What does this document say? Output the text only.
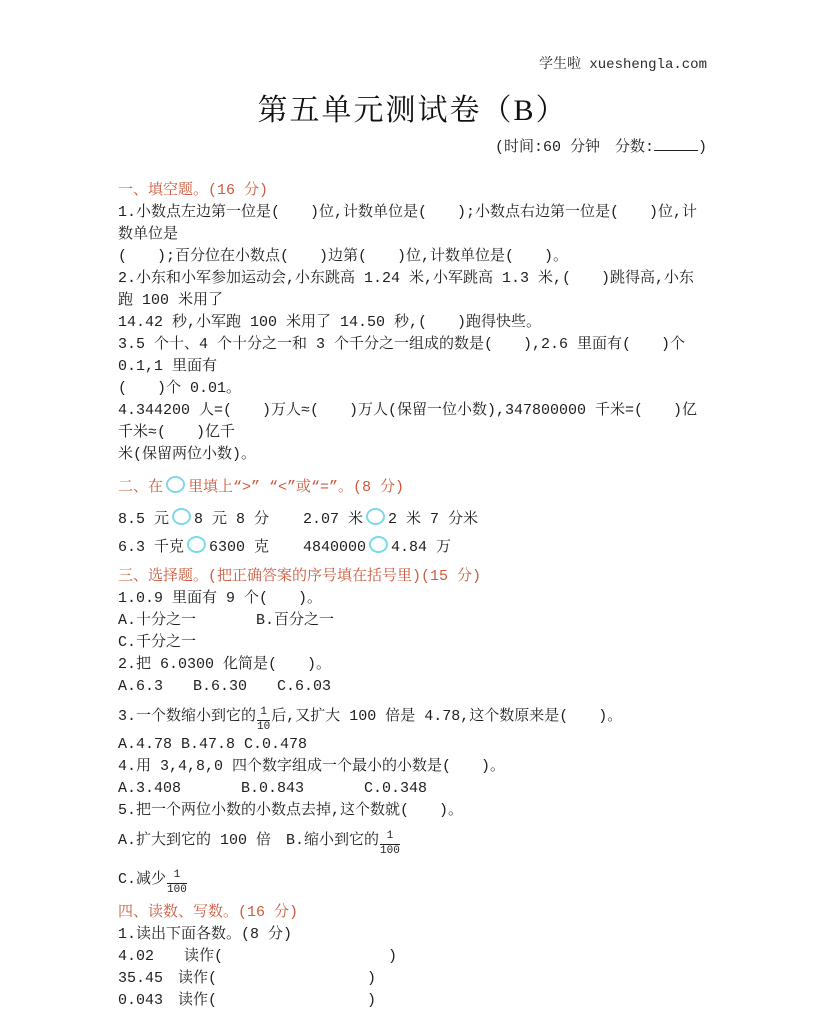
学生啦 xueshengla.com
第五单元测试卷（B）
(时间:60 分钟　分数:	)

一、填空题。(16 分)

1.小数点左边第一位是(　　)位,计数单位是(　　);小数点右边第一位是(　　)位,计数单位是

(　　);百分位在小数点(　　)边第(　　)位,计数单位是(　　)。

2.小东和小军参加运动会,小东跳高 1.24 米,小军跳高 1.3 米,(　　)跳得高,小东跑 100 米用了

14.42 秒,小军跑 100 米用了 14.50 秒,(　　)跑得快些。

3.5 个十、4 个十分之一和 3 个千分之一组成的数是(　　),2.6 里面有(　　)个 0.1,1 里面有

(　　)个 0.01。

4.344200 人=(　　)万人≈(　　)万人(保留一位小数),347800000 千米=(　　)亿千米≈(　　)亿千

米(保留两位小数)。

二、在 里填上“>” “<”或“=”。(8 分)

8.5 元 8 元 8 分 2.07 米 2 米 7 分米

6.3 千克 6300 克 4840000 4.84 万

三、选择题。(把正确答案的序号填在括号里)(15 分)

1.0.9 里面有 9 个(　　)。

A.十分之一　　　　B.百分之一

C.千分之一

2.把 6.0300 化简是(　　)。

A.6.3　　B.6.30　　C.6.03

3.一个数缩小到它的 $\frac{1}{10}$ 后,又扩大 100 倍是 4.78,这个数原来是(　　)。

A.4.78 B.47.8 C.0.478

4.用 3,4,8,0 四个数字组成一个最小的小数是(　　)。

A.3.408　　　　B.0.843　　　　C.0.348

5.把一个两位小数的小数点去掉,这个数就(　　)。

A.扩大到它的 100 倍　 B.缩小到它的 $\frac{1}{100}$

C.减少 $\frac{1}{100}$

四、读数、写数。(16 分)

1.读出下面各数。(8 分)

4.02　　读作(　　　　　　　　　　　)

35.45　读作(　　　　　　　　　　)

0.043　读作(　　　　　　　　　　)
